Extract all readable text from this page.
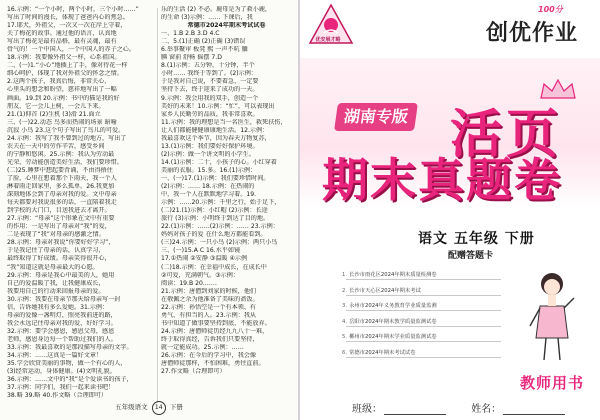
16.示例：“一个小时，两个小时，三个小时……”
写出了时间的漫长，体现了爸爸内心的焦急。
17.耶犬，外祖父，一次又一次在岸上守着，
关了梅花的故事。通过他的语言，认真地
写出了梅花是最有品格，最有灵魂，最有
骨气的！一个中国人，一个中国人的赤子之心。
18.示例：我要像外祖父一样，心系祖国。
二、(一)1.“小心”地插上了手，像对待花一样
细心呵护，体现了我对外祖父的怀念之情。
2.这两个孩子，我真后悔，非常关心，
心里头的想念和盼望，慈祥地写出了一幅
画面。19.到 20.示例：书中的猫是我的好
朋友，它一会儿上树，一会儿下来。
21.(1)仰首 (2)生机 (3)滑 21.面立
三、(一)22.动态 鸟多而热闹的场景 暗喻
沉寂 小鸟 23.这个句子写出了鸟儿的可爱。
24.示例：我写了我不曾到过的地方，写出了
农夫在一天中的劳作辛苦，感受乡间
的宁静和悠闲。25.示例：我认为劳动最
光荣，劳动能创造美好生活，我们要珍惜。
(二)25.睡梦中想起要背诵，不由得捂住
了脸，心里在想着那个下雨天，我一个人
淋着雨走回家里，多么孤单。26.我更加
深刻地体会到了母亲对我的爱。文中母亲
每天都要对我说很多的话，一直陪着我走
到学校的大门口，目送我进去才离开。
27.示例：“母亲”这个形象在文中有重要
的作用：一是写出了母亲对“我”的爱，
二是表现了“我”对母亲的感激之情。
28.示例：母亲对我说“你要好好学习”，
于是我记住了母亲的话，认真学习，
最终取得了好成绩。母亲笑得很开心，
“我”知道这就是母亲最大的心愿。
29.示例：母亲是我心中最美的人，她用
自己的爱温暖了我，让我健康成长，
我要用自己的行动来回报母亲的爱。
30.示例：我要在母亲节那天给母亲写一封
信，告诉她我有多么爱她。31.示例：
母亲的爱像一盏明灯，照亮我前进的路，
我会永远记住母亲对我的爱，好好学习。
32.示例：要学会感恩，感恩父母，感恩
老师，感恩身边每一个帮助过我们的人。
33.示例：我最喜欢的是那段描写母亲的文字。
34.示例：……这真是一篇好文章！
35.学会欣赏美丽的事物，做一个有心的人，
(3)经常运动，身体健康。(4)文明礼貌。
36.示例：……文中的“我”是个爱读书的孩子，
37.示例：同学们，我们一起来读书吧！
38.略 39.略 40.作文略（合理即可）
乐的生活 (2) 不必。鹿母是为了救小鹿，
的生命 (3)示例：…… 下课后，我
常德市2024年期末考试试卷
一、1.B 2.B 3.D 4.C
二、5.(1)正确 (2)正确 (3)错误
6.举事聚审 板凳 熙 一声不吭 腼
腆 窗前 舒畅 摇摆 7.D
8.(1)示例：五分钟，十分钟，半个
小时…… 我终于等到了。(2)示例：
于是我对自己说，不要着急，一定要
坚持下去，终于迎来了成功的一天。
9.示例：我会用我的双手，创造一个
美好的未来！10.示例：“忙”，可以表现出
家乡人民勤劳的品质，我非常喜欢。
11.示例：我的理想是当一名医生，救死扶伤，
让人们都能健健康康地生活。12.示例：
我最喜欢这个季节，因为春天万物复苏，
13.(1)示例：我们要好好保护环境。
(2)示例：做一个讲文明的小学生。
14.(1)示例：二十，小孩子的心。小红穿着
美丽的衣服。15.多。16.(1)示例：
一、(一)17.(1)示例：我们要珍惜时间。
(2)示例：…… 18.示例：在热闹的
中，我一个人在默默地学习着。19.
示例：……20.示例：千里之行，始于足下，
(二)21.(1)示例：小红帽 (2)示例：长途
旅行 (3)示例：小明终于到达了目的地。
22.(1)示例：……(2)示例：…… 23.示例：
妈妈对孩子的爱 在什么地方都能看到。
(三)24.示例：一只小鸟 (2)示例：两只小鸟
三、(一)15.A C 16.水平如镜
17.①热闹 ②安静 ③温暖 ④示例
(二)18.示例：在幸福中成长，在成长中
②可爱，充满朝气。③示例：
阅读：19.B 20.……
21.示例：唐僧到刘家的时候，他们
在敬佩之余为他准备了美味的斋饭。
22.示例：孙悟空是一个有本领、有
勇气、有担当的人。23.示例：我从
书中知道了做事要坚持到底，不能放弃。
24.示例：唐僧师徒历经九九八十一难，
终于取得真经，告诉我们只要坚持，
就一定能成功。25.示例：……
26.示例：在今后的学习中，我会像
唐僧师徒那样，不怕困难，勇往直前。
27.作文略（合理即可）
五年级语文 14 下册
优安展才略
100分
创优作业
湖南专版 活页
期末真题卷
语文 五年级 下册
配赠答题卡
1. 长沙市雨花区2024年期末质量检测卷
2. 长沙市天心区2024年期末考试
3. 永州市2024年义务教育学业质量监测
4. 岳阳市2024年期末教学质量监测试卷
5. 郴州市2024年期末学业质量监测试卷
6. 常德市2024年期末考试试卷
教师用书
班级：	姓名：
